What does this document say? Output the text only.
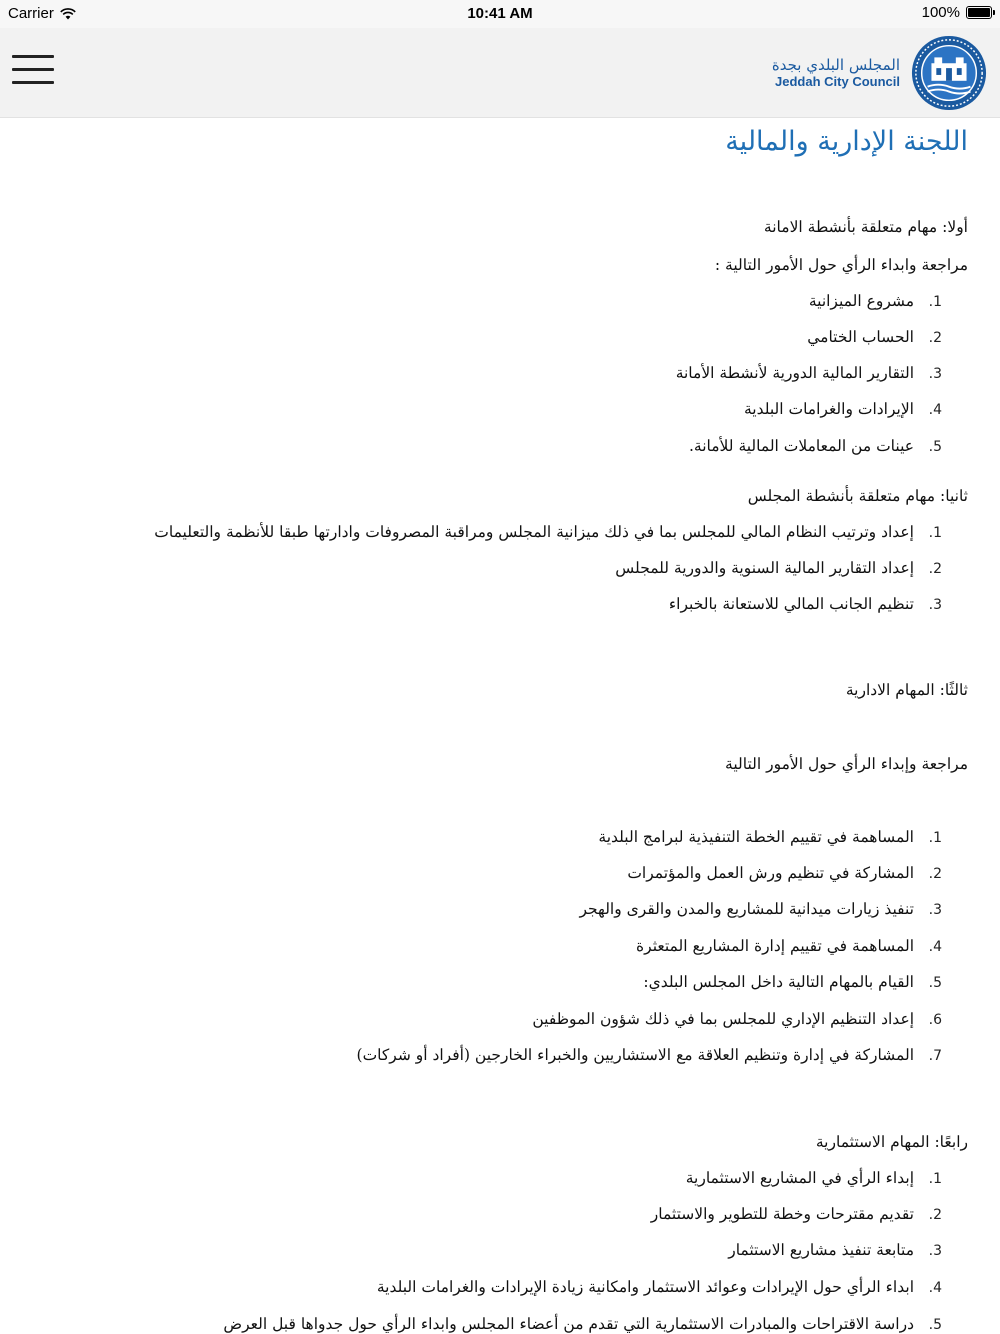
Carrier	10:41 AM	100%
المجلس البلدي بجدة
Jeddah City Council
اللجنة الإدارية والمالية
أولا: مهام متعلقة بأنشطة الامانة
مراجعة وابداء الرأي حول الأمور التالية :
1.مشروع الميزانية
2.الحساب الختامي
3.التقارير المالية الدورية لأنشطة الأمانة
4.الإيرادات والغرامات البلدية
5.عينات من المعاملات المالية للأمانة.
ثانيا: مهام متعلقة بأنشطة المجلس
1.إعداد وترتيب النظام المالي للمجلس بما في ذلك ميزانية المجلس ومراقبة المصروفات وادارتها طبقا للأنظمة والتعليمات
2.إعداد التقارير المالية السنوية والدورية للمجلس
3.تنظيم الجانب المالي للاستعانة بالخبراء
ثالثًا: المهام الادارية
مراجعة وإبداء الرأي حول الأمور التالية
1.المساهمة في تقييم الخطة التنفيذية لبرامج البلدية
2.المشاركة في تنظيم ورش العمل والمؤتمرات
3.تنفيذ زيارات ميدانية للمشاريع والمدن والقرى والهجر
4.المساهمة في تقييم إدارة المشاريع المتعثرة
5.القيام بالمهام التالية داخل المجلس البلدي:
6.إعداد التنظيم الإداري للمجلس بما في ذلك شؤون الموظفين
7.المشاركة في إدارة وتنظيم العلاقة مع الاستشاريين والخبراء الخارجين (أفراد أو شركات)
رابعًا: المهام الاستثمارية
1.إبداء الرأي في المشاريع الاستثمارية
2.تقديم مقترحات وخطة للتطوير والاستثمار
3.متابعة تنفيذ مشاريع الاستثمار
4.ابداء الرأي حول الإيرادات وعوائد الاستثمار وامكانية زيادة الإيرادات والغرامات البلدية
5.دراسة الاقتراحات والمبادرات الاستثمارية التي تقدم من أعضاء المجلس وابداء الرأي حول جدواها قبل العرض
